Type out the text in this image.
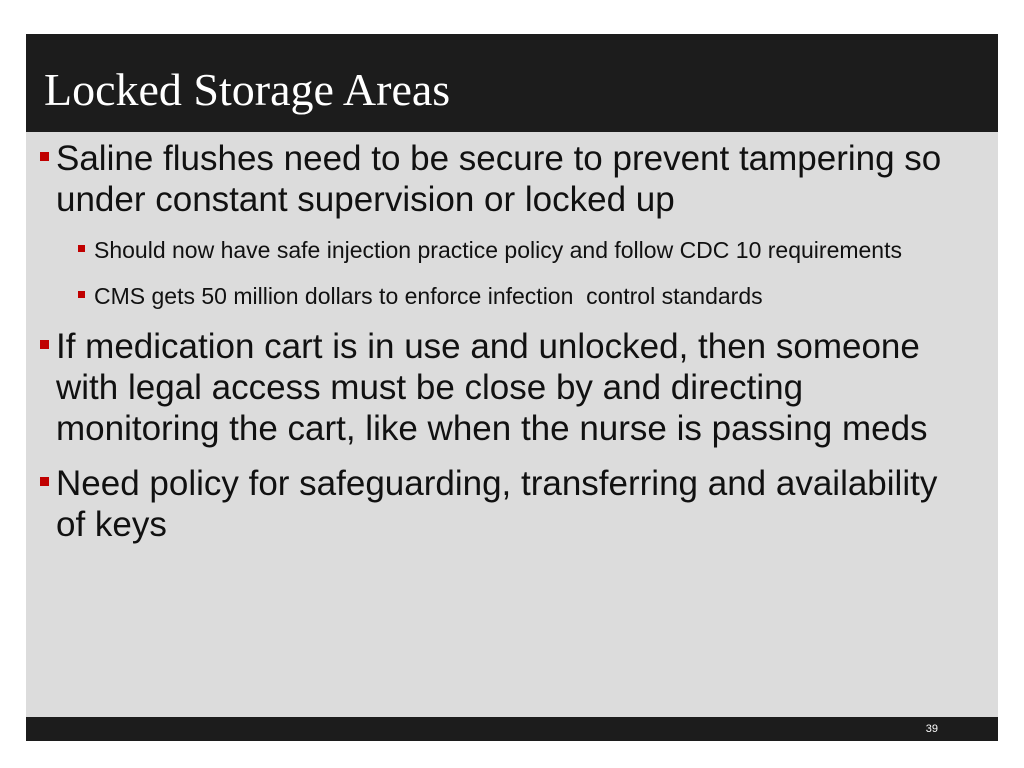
Locked Storage Areas
Saline flushes need to be secure to prevent tampering so under constant supervision or locked up
Should now have safe injection practice policy and follow CDC 10 requirements
CMS gets 50 million dollars to enforce infection  control standards
If medication cart is in use and unlocked, then someone with legal access must be close by and directing monitoring the cart, like when the nurse is passing meds
Need policy for safeguarding, transferring and availability of keys
39
